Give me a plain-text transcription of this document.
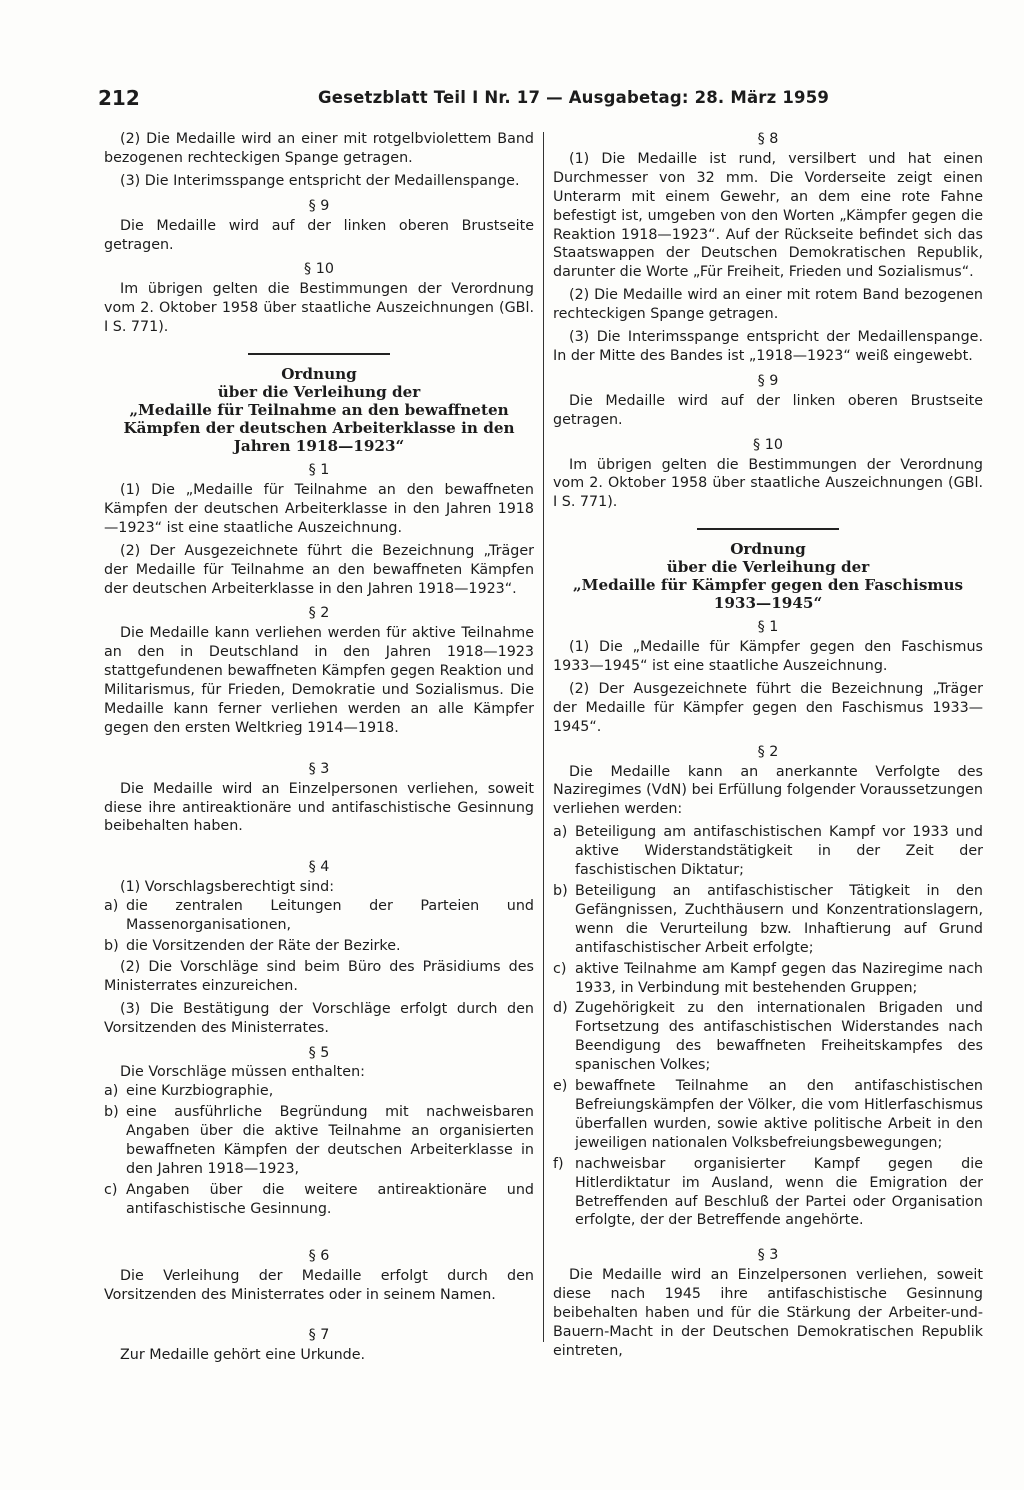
212	Gesetzblatt Teil I Nr. 17 — Ausgabetag: 28. März 1959

(2) Die Medaille wird an einer mit rotgelbviolettem Band bezogenen rechteckigen Spange getragen.

(3) Die Interimsspange entspricht der Medaillenspange.

§ 9

Die Medaille wird auf der linken oberen Brustseite getragen.

§ 10

Im übrigen gelten die Bestimmungen der Verordnung vom 2. Oktober 1958 über staatliche Auszeichnungen (GBl. I S. 771).

Ordnung
über die Verleihung der
„Medaille für Teilnahme an den bewaffneten
Kämpfen der deutschen Arbeiterklasse in den
Jahren 1918—1923“

§ 1

(1) Die „Medaille für Teilnahme an den bewaffneten Kämpfen der deutschen Arbeiterklasse in den Jahren 1918—1923“ ist eine staatliche Auszeichnung.

(2) Der Ausgezeichnete führt die Bezeichnung „Träger der Medaille für Teilnahme an den bewaffneten Kämpfen der deutschen Arbeiterklasse in den Jahren 1918—1923“.

§ 2

Die Medaille kann verliehen werden für aktive Teilnahme an den in Deutschland in den Jahren 1918—1923 stattgefundenen bewaffneten Kämpfen gegen Reaktion und Militarismus, für Frieden, Demokratie und Sozialismus. Die Medaille kann ferner verliehen werden an alle Kämpfer gegen den ersten Weltkrieg 1914—1918.

§ 3

Die Medaille wird an Einzelpersonen verliehen, soweit diese ihre antireaktionäre und antifaschistische Gesinnung beibehalten haben.

§ 4

(1) Vorschlagsberechtigt sind:

a) die zentralen Leitungen der Parteien und Massenorganisationen,
b) die Vorsitzenden der Räte der Bezirke.

(2) Die Vorschläge sind beim Büro des Präsidiums des Ministerrates einzureichen.

(3) Die Bestätigung der Vorschläge erfolgt durch den Vorsitzenden des Ministerrates.

§ 5

Die Vorschläge müssen enthalten:

a) eine Kurzbiographie,
b) eine ausführliche Begründung mit nachweisbaren Angaben über die aktive Teilnahme an organisierten bewaffneten Kämpfen der deutschen Arbeiterklasse in den Jahren 1918—1923,
c) Angaben über die weitere antireaktionäre und antifaschistische Gesinnung.

§ 6

Die Verleihung der Medaille erfolgt durch den Vorsitzenden des Ministerrates oder in seinem Namen.

§ 7

Zur Medaille gehört eine Urkunde.

§ 8

(1) Die Medaille ist rund, versilbert und hat einen Durchmesser von 32 mm. Die Vorderseite zeigt einen Unterarm mit einem Gewehr, an dem eine rote Fahne befestigt ist, umgeben von den Worten „Kämpfer gegen die Reaktion 1918—1923“. Auf der Rückseite befindet sich das Staatswappen der Deutschen Demokratischen Republik, darunter die Worte „Für Freiheit, Frieden und Sozialismus“.

(2) Die Medaille wird an einer mit rotem Band bezogenen rechteckigen Spange getragen.

(3) Die Interimsspange entspricht der Medaillenspange. In der Mitte des Bandes ist „1918—1923“ weiß eingewebt.

§ 9

Die Medaille wird auf der linken oberen Brustseite getragen.

§ 10

Im übrigen gelten die Bestimmungen der Verordnung vom 2. Oktober 1958 über staatliche Auszeichnungen (GBl. I S. 771).

Ordnung
über die Verleihung der
„Medaille für Kämpfer gegen den Faschismus
1933—1945“

§ 1

(1) Die „Medaille für Kämpfer gegen den Faschismus 1933—1945“ ist eine staatliche Auszeichnung.

(2) Der Ausgezeichnete führt die Bezeichnung „Träger der Medaille für Kämpfer gegen den Faschismus 1933—1945“.

§ 2

Die Medaille kann an anerkannte Verfolgte des Naziregimes (VdN) bei Erfüllung folgender Voraussetzungen verliehen werden:

a) Beteiligung am antifaschistischen Kampf vor 1933 und aktive Widerstandstätigkeit in der Zeit der faschistischen Diktatur;
b) Beteiligung an antifaschistischer Tätigkeit in den Gefängnissen, Zuchthäusern und Konzentrationslagern, wenn die Verurteilung bzw. Inhaftierung auf Grund antifaschistischer Arbeit erfolgte;
c) aktive Teilnahme am Kampf gegen das Naziregime nach 1933, in Verbindung mit bestehenden Gruppen;
d) Zugehörigkeit zu den internationalen Brigaden und Fortsetzung des antifaschistischen Widerstandes nach Beendigung des bewaffneten Freiheitskampfes des spanischen Volkes;
e) bewaffnete Teilnahme an den antifaschistischen Befreiungskämpfen der Völker, die vom Hitlerfaschismus überfallen wurden, sowie aktive politische Arbeit in den jeweiligen nationalen Volksbefreiungsbewegungen;
f) nachweisbar organisierter Kampf gegen die Hitlerdiktatur im Ausland, wenn die Emigration der Betreffenden auf Beschluß der Partei oder Organisation erfolgte, der der Betreffende angehörte.

§ 3

Die Medaille wird an Einzelpersonen verliehen, soweit diese nach 1945 ihre antifaschistische Gesinnung beibehalten haben und für die Stärkung der Arbeiter-und-Bauern-Macht in der Deutschen Demokratischen Republik eintreten,
